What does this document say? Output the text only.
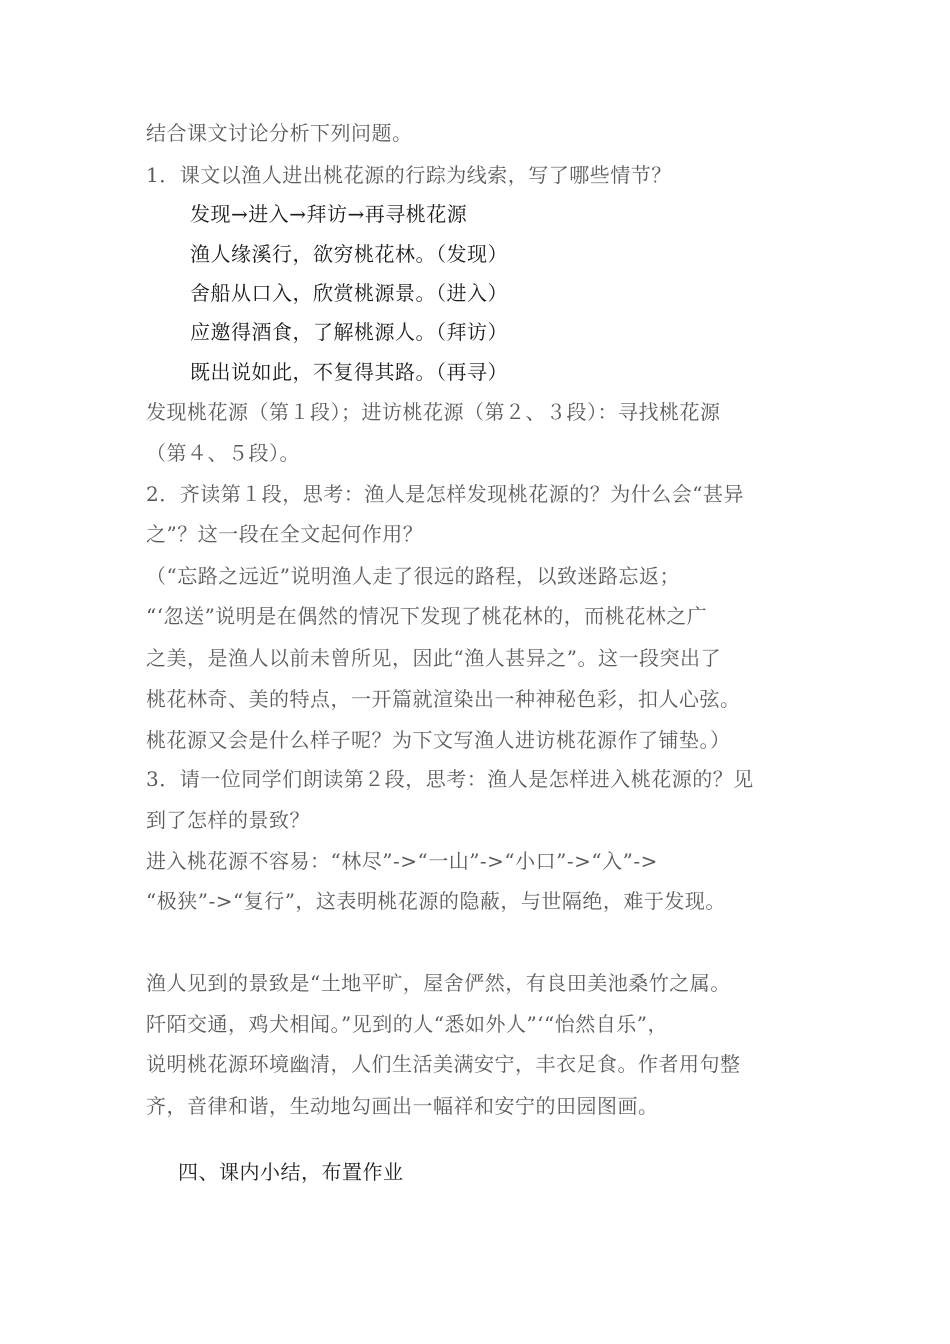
结合课文讨论分析下列问题。
1．课文以渔人进出桃花源的行踪为线索，写了哪些情节？
发现→进入→拜访→再寻桃花源
渔人缘溪行，欲穷桃花林。（发现）
舍船从口入，欣赏桃源景。（进入）
应邀得酒食，了解桃源人。（拜访）
既出说如此，不复得其路。（再寻）
发现桃花源（第１段）；进访桃花源（第２、３段）：寻找桃花源
（第４、５段）。
2．齐读第１段，思考：渔人是怎样发现桃花源的？为什么会“甚异
之”？这一段在全文起何作用？
（“忘路之远近”说明渔人走了很远的路程，以致迷路忘返；
“‘忽送”说明是在偶然的情况下发现了桃花林的，而桃花林之广
之美，是渔人以前未曾所见，因此“渔人甚异之”。这一段突出了
桃花林奇、美的特点，一开篇就渲染出一种神秘色彩，扣人心弦。
桃花源又会是什么样子呢？为下文写渔人进访桃花源作了铺垫。）
3．请一位同学们朗读第２段，思考：渔人是怎样进入桃花源的？见
到了怎样的景致？
进入桃花源不容易：“林尽”->“一山”->“小口”->“入”->
“极狭”->“复行”，这表明桃花源的隐蔽，与世隔绝，难于发现。
渔人见到的景致是“土地平旷，屋舍俨然，有良田美池桑竹之属。
阡陌交通，鸡犬相闻。”见到的人“悉如外人”‘“怡然自乐”，
说明桃花源环境幽清，人们生活美满安宁，丰衣足食。作者用句整
齐，音律和谐，生动地勾画出一幅祥和安宁的田园图画。
四、课内小结，布置作业
